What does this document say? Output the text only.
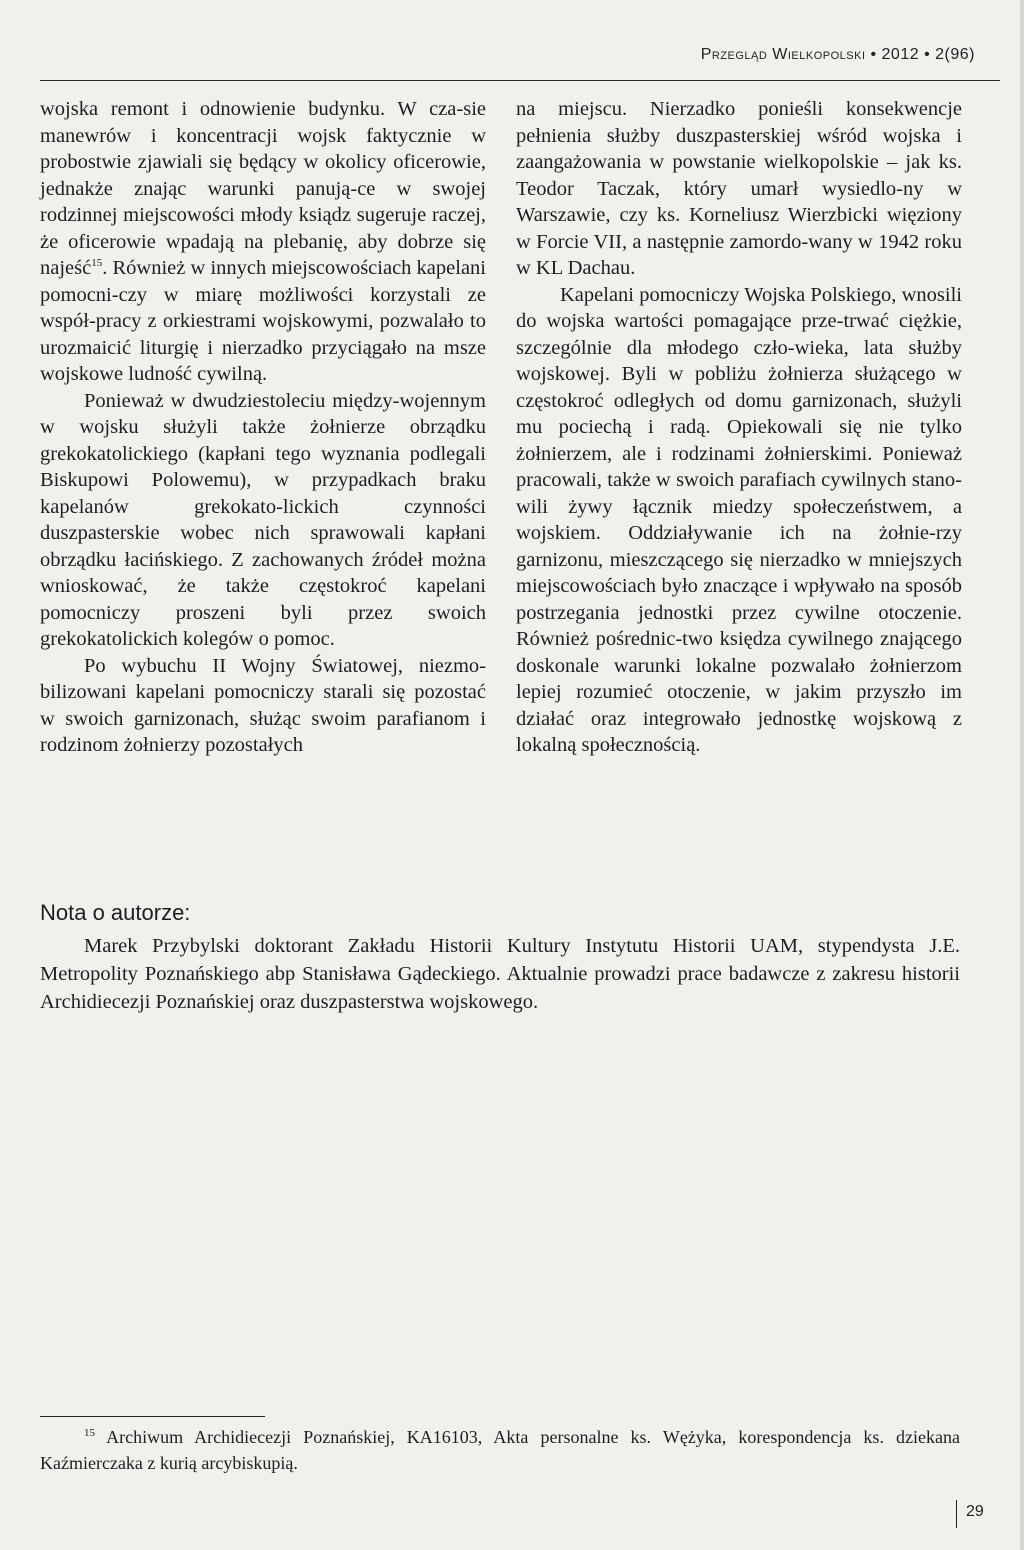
Przegląd Wielkopolski • 2012 • 2(96)

wojska remont i odnowienie budynku. W cza-sie manewrów i koncentracji wojsk faktycznie w probostwie zjawiali się będący w okolicy oficerowie, jednakże znając warunki panują-ce w swojej rodzinnej miejscowości młody ksiądz sugeruje raczej, że oficerowie wpadają na plebanię, aby dobrze się najeść$^{15}$. Również w innych miejscowościach kapelani pomocni-czy w miarę możliwości korzystali ze współ-pracy z orkiestrami wojskowymi, pozwalało to urozmaicić liturgię i nierzadko przyciągało na msze wojskowe ludność cywilną.

Ponieważ w dwudziestoleciu między-wojennym w wojsku służyli także żołnierze obrządku grekokatolickiego (kapłani tego wyznania podlegali Biskupowi Polowemu), w przypadkach braku kapelanów grekokato-lickich czynności duszpasterskie wobec nich sprawowali kapłani obrządku łacińskiego. Z zachowanych źródeł można wnioskować, że także częstokroć kapelani pomocniczy proszeni byli przez swoich grekokatolickich kolegów o pomoc.

Po wybuchu II Wojny Światowej, niezmo-bilizowani kapelani pomocniczy starali się pozostać w swoich garnizonach, służąc swoim parafianom i rodzinom żołnierzy pozostałych

na miejscu. Nierzadko ponieśli konsekwencje pełnienia służby duszpasterskiej wśród wojska i zaangażowania w powstanie wielkopolskie – jak ks. Teodor Taczak, który umarł wysiedlo-ny w Warszawie, czy ks. Korneliusz Wierzbicki więziony w Forcie VII, a następnie zamordo-wany w 1942 roku w KL Dachau.

Kapelani pomocniczy Wojska Polskiego, wnosili do wojska wartości pomagające prze-trwać ciężkie, szczególnie dla młodego czło-wieka, lata służby wojskowej. Byli w pobliżu żołnierza służącego w częstokroć odległych od domu garnizonach, służyli mu pociechą i radą. Opiekowali się nie tylko żołnierzem, ale i rodzinami żołnierskimi. Ponieważ pracowali, także w swoich parafiach cywilnych stano-wili żywy łącznik miedzy społeczeństwem, a wojskiem. Oddziaływanie ich na żołnie-rzy garnizonu, mieszczącego się nierzadko w mniejszych miejscowościach było znaczące i wpływało na sposób postrzegania jednostki przez cywilne otoczenie. Również pośrednic-two księdza cywilnego znającego doskonale warunki lokalne pozwalało żołnierzom lepiej rozumieć otoczenie, w jakim przyszło im działać oraz integrowało jednostkę wojskową z lokalną społecznością.

Nota o autorze:

Marek Przybylski doktorant Zakładu Historii Kultury Instytutu Historii UAM, stypendysta J.E. Metropolity Poznańskiego abp Stanisława Gądeckiego. Aktualnie prowadzi prace badawcze z zakresu historii Archidiecezji Poznańskiej oraz duszpasterstwa wojskowego.

$^{15}$ Archiwum Archidiecezji Poznańskiej, KA16103, Akta personalne ks. Wężyka, korespondencja ks. dziekana Kaźmierczaka z kurią arcybiskupią.

29
